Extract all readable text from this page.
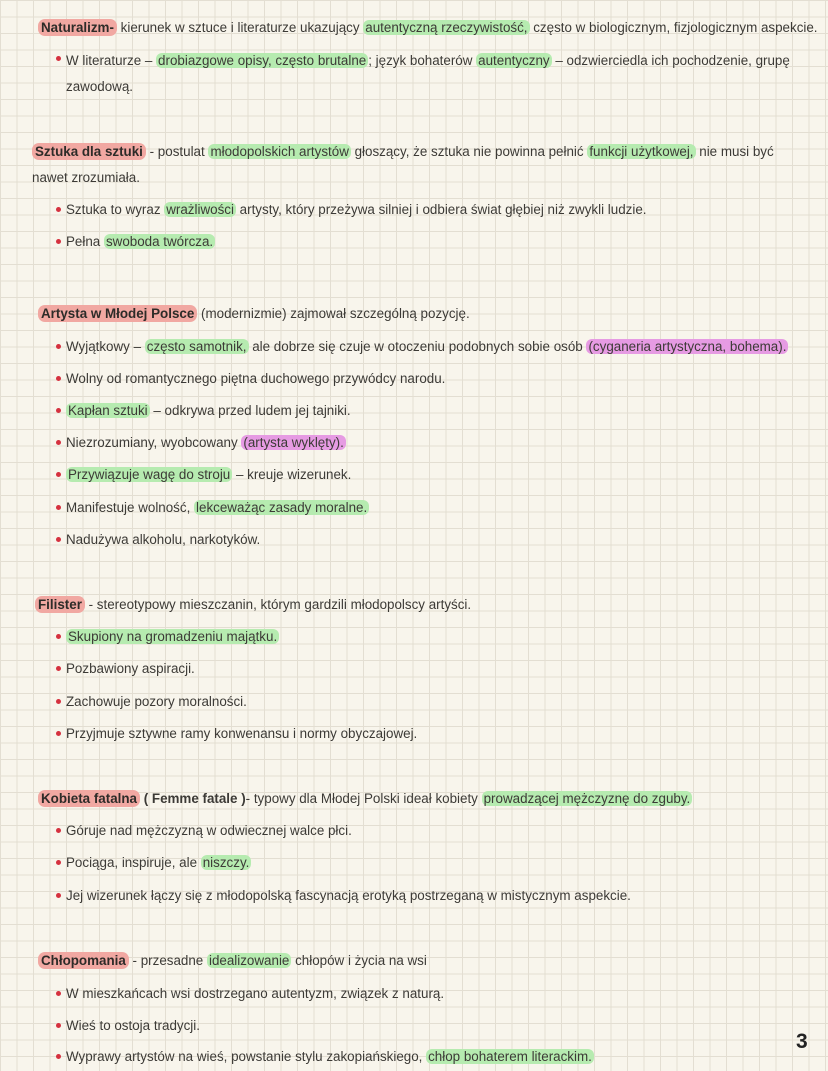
Naturalizm- kierunek w sztuce i literaturze ukazujący autentyczną rzeczywistość, często w biologicznym, fizjologicznym aspekcie.
W literaturze – drobiazgowe opisy, często brutalne ; język bohaterów autentyczny – odzwierciedla ich pochodzenie, grupę zawodową.
Sztuka dla sztuki - postulat młodopolskich artystów głoszący, że sztuka nie powinna pełnić funkcji użytkowej, nie musi być nawet zrozumiała.
Sztuka to wyraz wrażliwości artysty, który przeżywa silniej i odbiera świat głębiej niż zwykli ludzie.
Pełna swoboda twórcza.
Artysta w Młodej Polsce (modernizmie) zajmował szczególną pozycję.
Wyjątkowy – często samotnik, ale dobrze się czuje w otoczeniu podobnych sobie osób (cyganeria artystyczna, bohema).
Wolny od romantycznego piętna duchowego przywódcy narodu.
Kapłan sztuki – odkrywa przed ludem jej tajniki.
Niezrozumiany, wyobcowany (artysta wyklęty).
Przywiązuje wagę do stroju – kreuje wizerunek.
Manifestuje wolność, lekceważąc zasady moralne.
Nadużywa alkoholu, narkotyków.
Filister - stereotypowy mieszczanin, którym gardzili młodopolscy artyści.
Skupiony na gromadzeniu majątku.
Pozbawiony aspiracji.
Zachowuje pozory moralności.
Przyjmuje sztywne ramy konwenansu i normy obyczajowej.
Kobieta fatalna ( Femme fatale )- typowy dla Młodej Polski ideał kobiety prowadzącej mężczyznę do zguby.
Góruje nad mężczyzną w odwiecznej walce płci.
Pociąga, inspiruje, ale niszczy.
Jej wizerunek łączy się z młodopolską fascynacją erotyką postrzeganą w mistycznym aspekcie.
Chłopomania - przesadne idealizowanie chłopów i życia na wsi
W mieszkańcach wsi dostrzegano autentyzm, związek z naturą.
Wieś to ostoja tradycji.
Wyprawy artystów na wieś, powstanie stylu zakopiańskiego, chłop bohaterem literackim.
3
